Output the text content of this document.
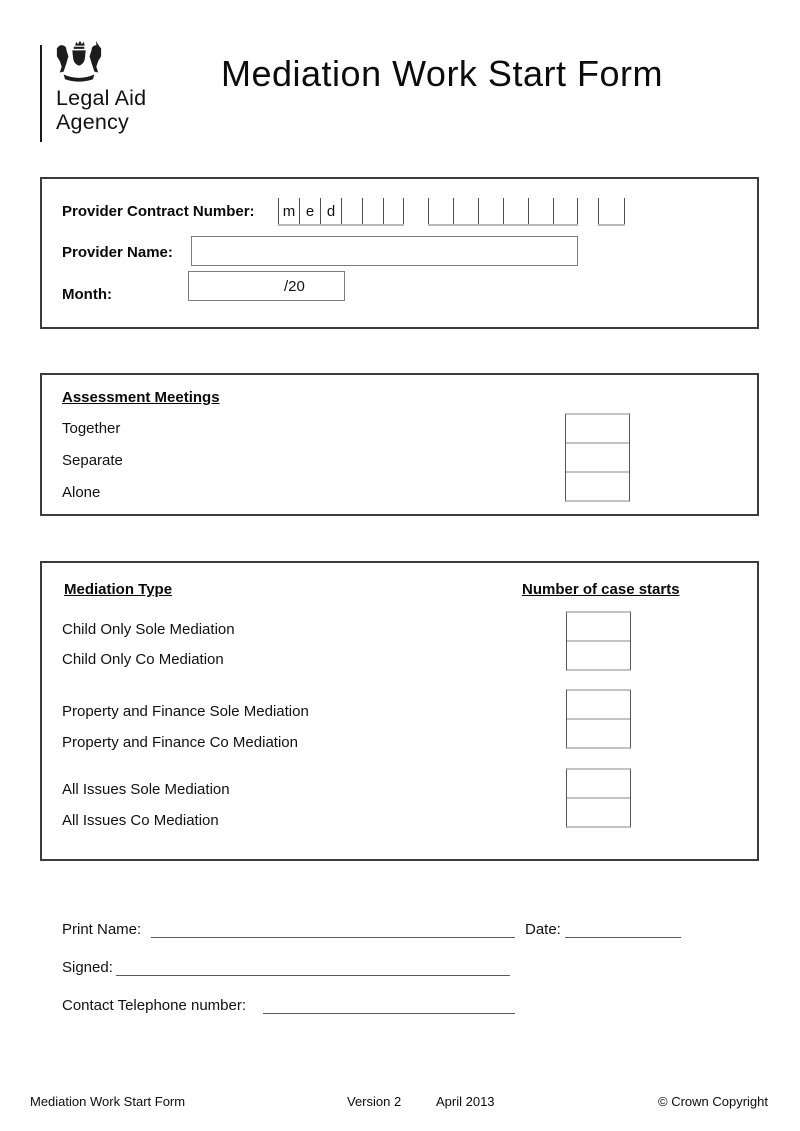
Legal Aid
Agency
Mediation Work Start Form
Provider Contract Number:	m e d
Provider Name:
Month:	/20
Assessment Meetings
Together
Separate
Alone
Mediation Type	Number of case starts
Child Only Sole Mediation
Child Only Co Mediation
Property and Finance Sole Mediation
Property and Finance Co Mediation
All Issues Sole Mediation
All Issues Co Mediation
Print Name:	Date:
Signed:
Contact Telephone number:
Mediation Work Start Form	Version 2	April 2013	© Crown Copyright
